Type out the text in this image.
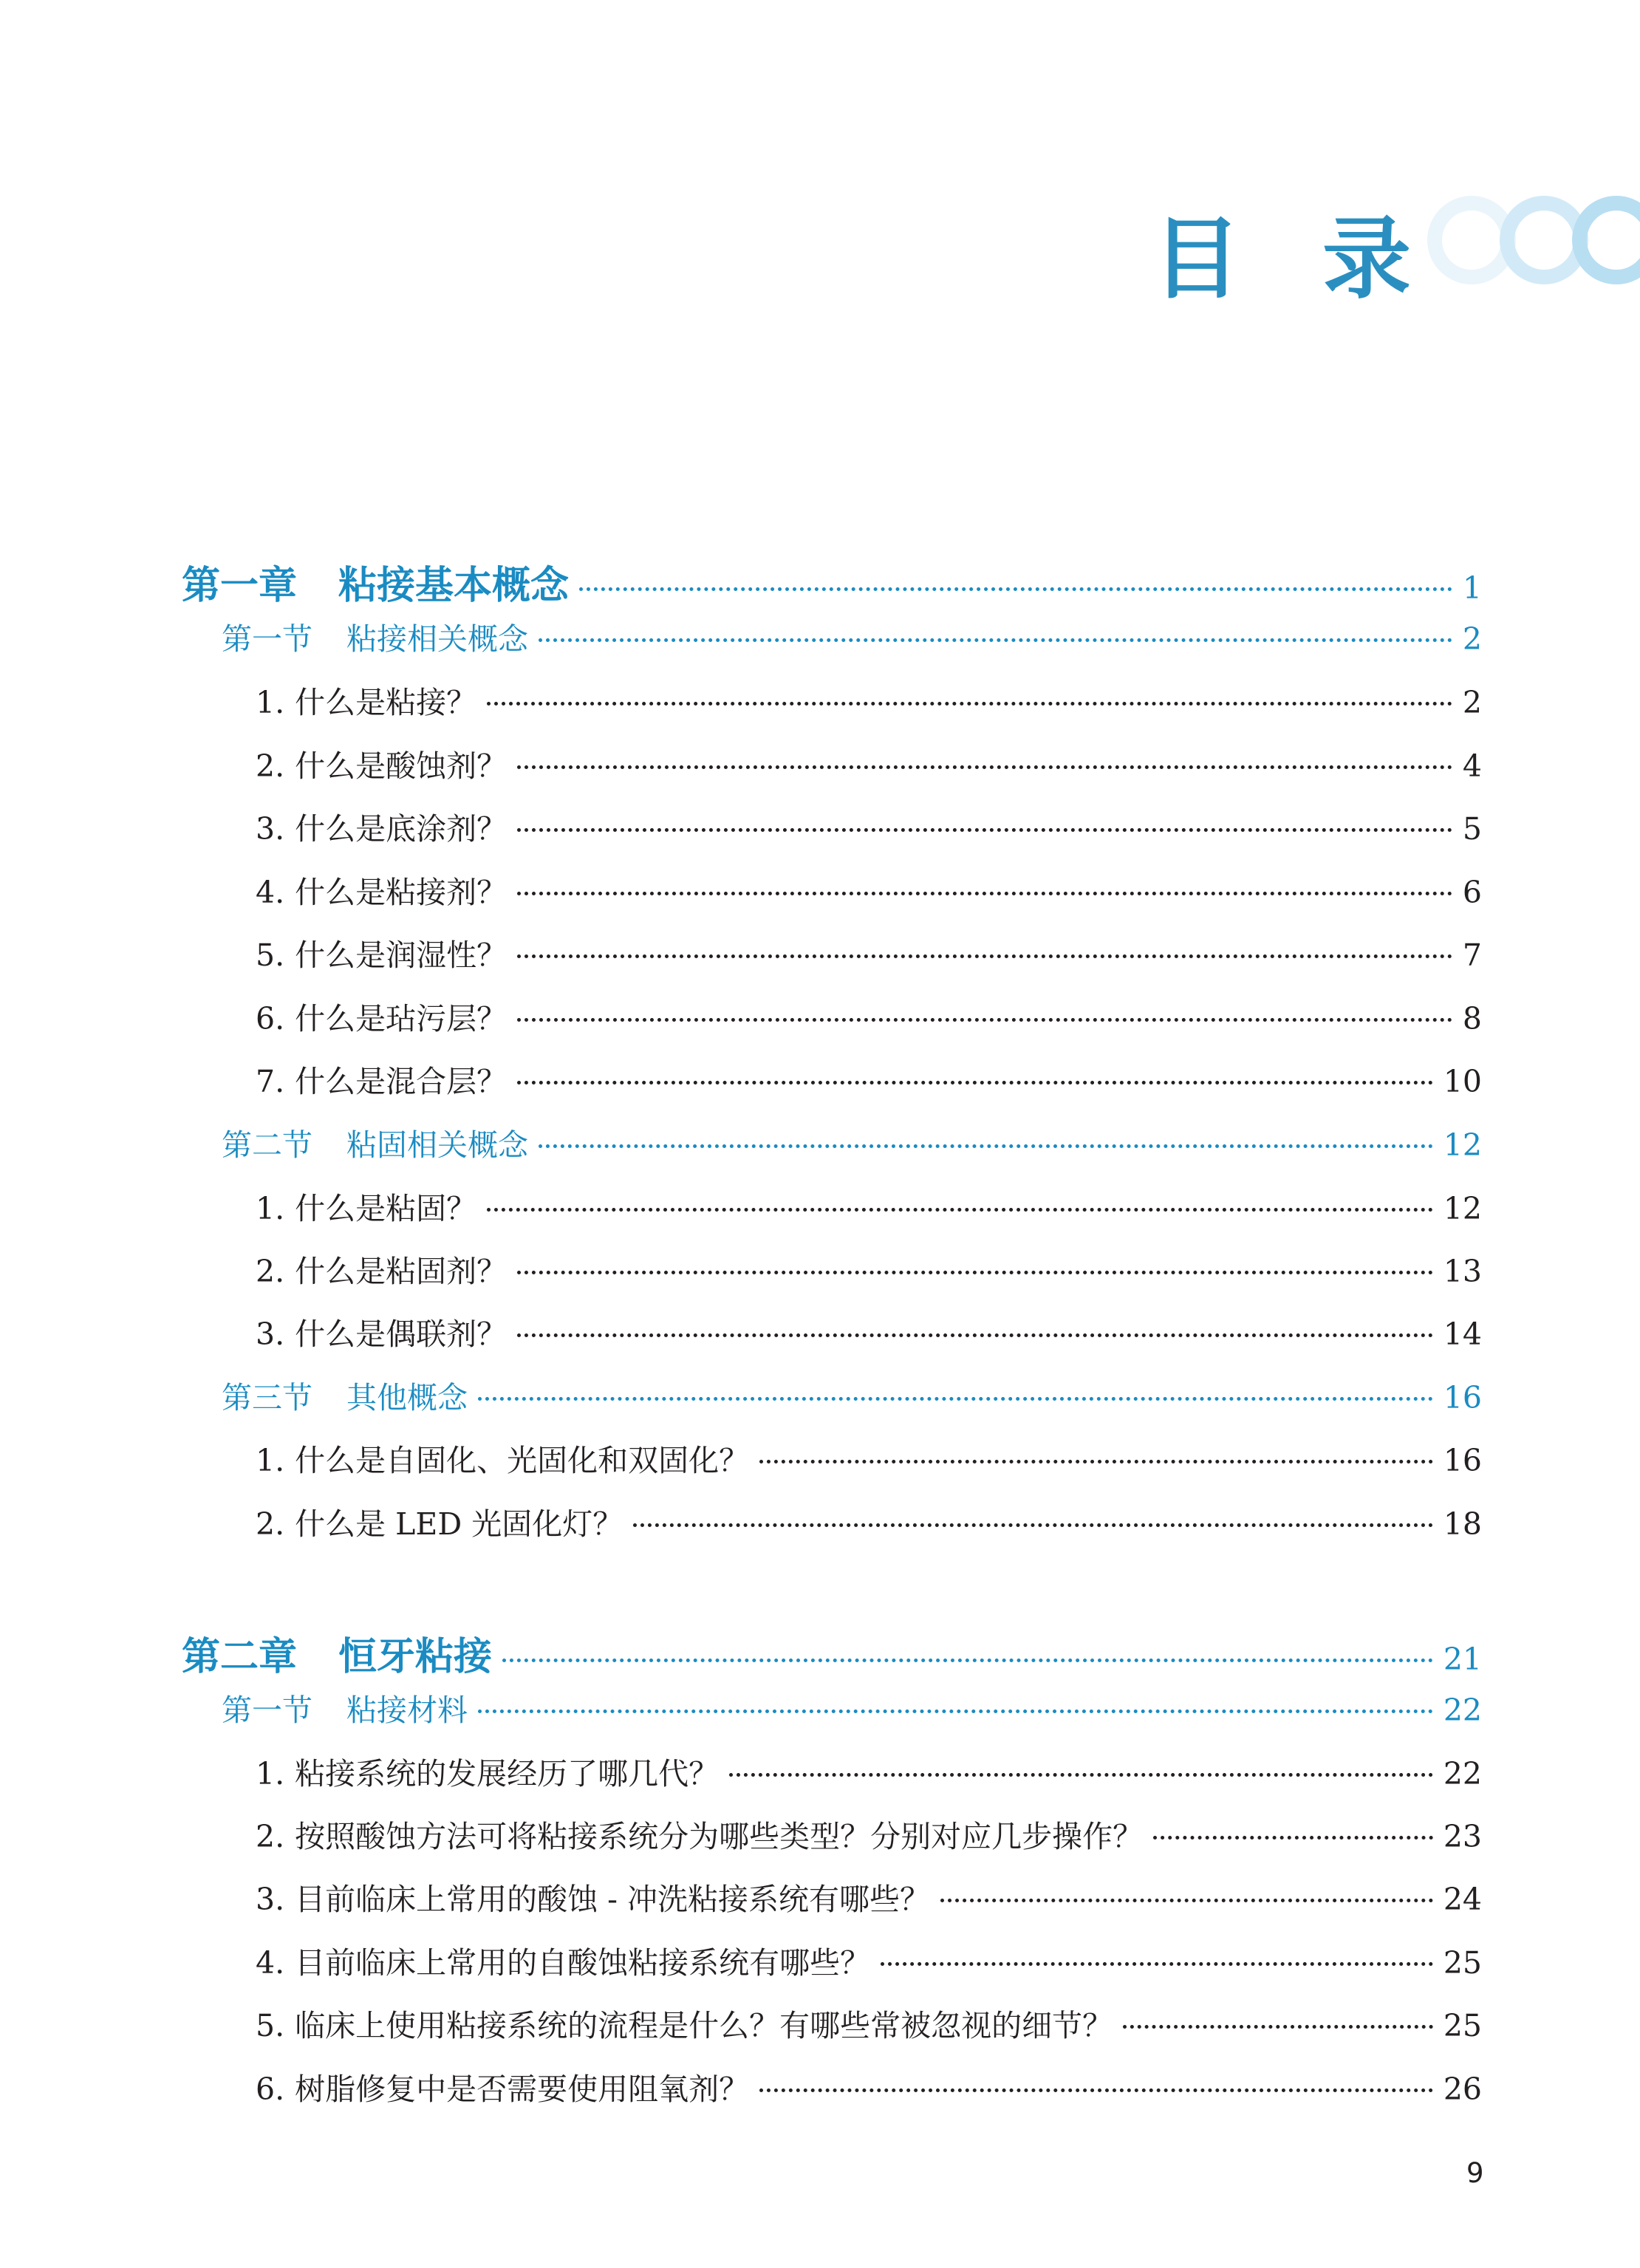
目 录
第一章 粘接基本概念	1
第一节 粘接相关概念	2
1. 什么是粘接？	2
2. 什么是酸蚀剂？	4
3. 什么是底涂剂？	5
4. 什么是粘接剂？	6
5. 什么是润湿性？	7
6. 什么是玷污层？	8
7. 什么是混合层？	10
第二节 粘固相关概念	12
1. 什么是粘固？	12
2. 什么是粘固剂？	13
3. 什么是偶联剂？	14
第三节 其他概念	16
1. 什么是自固化、光固化和双固化？	16
2. 什么是 LED 光固化灯？	18
第二章 恒牙粘接	21
第一节 粘接材料	22
1. 粘接系统的发展经历了哪几代？	22
2. 按照酸蚀方法可将粘接系统分为哪些类型？分别对应几步操作？	23
3. 目前临床上常用的酸蚀 - 冲洗粘接系统有哪些？	24
4. 目前临床上常用的自酸蚀粘接系统有哪些？	25
5. 临床上使用粘接系统的流程是什么？有哪些常被忽视的细节？	25
6. 树脂修复中是否需要使用阻氧剂？	26
9
